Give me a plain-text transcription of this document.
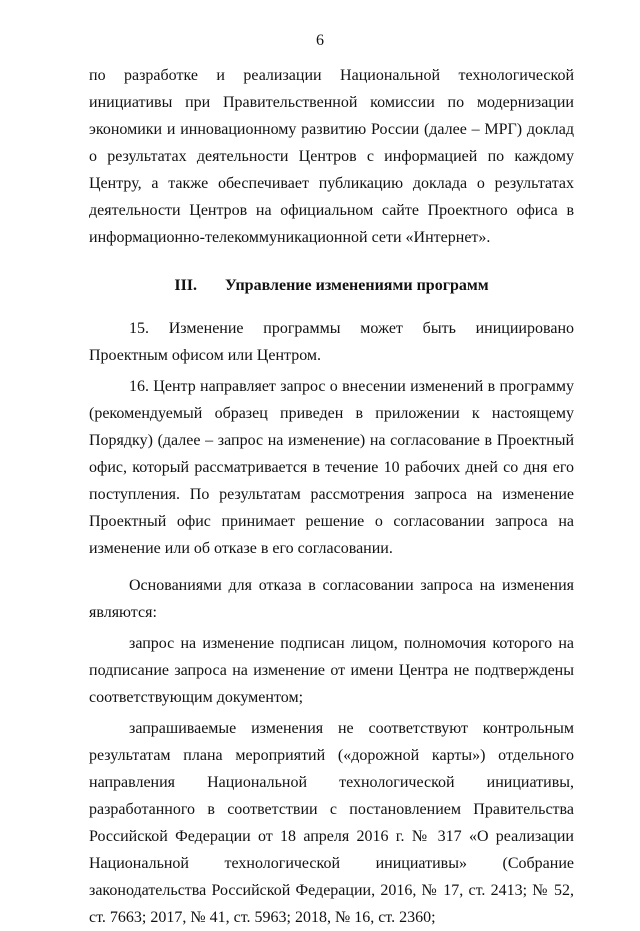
6

по разработке и реализации Национальной технологической инициативы при Правительственной комиссии по модернизации экономики и инновационному развитию России (далее – МРГ) доклад о результатах деятельности Центров с информацией по каждому Центру, а также обеспечивает публикацию доклада о результатах деятельности Центров на официальном сайте Проектного офиса в информационно-телекоммуникационной сети «Интернет».

III. Управление изменениями программ

15. Изменение программы может быть инициировано Проектным офисом или Центром.

16. Центр направляет запрос о внесении изменений в программу (рекомендуемый образец приведен в приложении к настоящему Порядку) (далее – запрос на изменение) на согласование в Проектный офис, который рассматривается в течение 10 рабочих дней со дня его поступления. По результатам рассмотрения запроса на изменение Проектный офис принимает решение о согласовании запроса на изменение или об отказе в его согласовании.

Основаниями для отказа в согласовании запроса на изменения являются:

запрос на изменение подписан лицом, полномочия которого на подписание запроса на изменение от имени Центра не подтверждены соответствующим документом;

запрашиваемые изменения не соответствуют контрольным результатам плана мероприятий («дорожной карты») отдельного направления Национальной технологической инициативы, разработанного в соответствии с постановлением Правительства Российской Федерации от 18 апреля 2016 г. № 317 «О реализации Национальной технологической инициативы» (Собрание законодательства Российской Федерации, 2016, № 17, ст. 2413; № 52, ст. 7663; 2017, № 41, ст. 5963; 2018, № 16, ст. 2360;
